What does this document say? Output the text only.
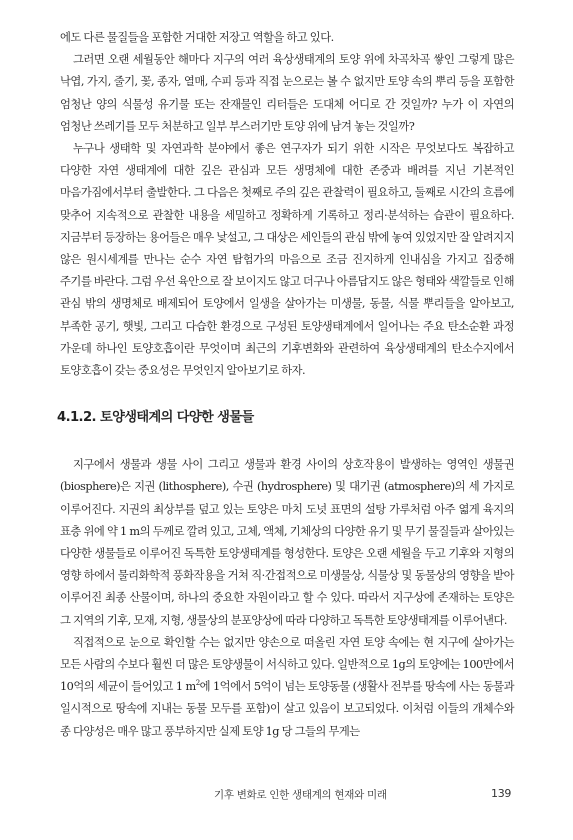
에도 다른 물질들을 포함한 거대한 저장고 역할을 하고 있다.

그러면 오랜 세월동안 해마다 지구의 여러 육상생태계의 토양 위에 차곡차곡 쌓인 그렇게 많은 낙엽, 가지, 줄기, 꽃, 종자, 열매, 수피 등과 직접 눈으로는 볼 수 없지만 토양 속의 뿌리 등을 포함한 엄청난 양의 식물성 유기물 또는 잔재물인 리터들은 도대체 어디로 간 것일까? 누가 이 자연의 엄청난 쓰레기를 모두 처분하고 일부 부스러기만 토양 위에 남겨 놓는 것일까?

누구나 생태학 및 자연과학 분야에서 좋은 연구자가 되기 위한 시작은 무엇보다도 복잡하고 다양한 자연 생태계에 대한 깊은 관심과 모든 생명체에 대한 존중과 배려를 지닌 기본적인 마음가짐에서부터 출발한다. 그 다음은 첫째로 주의 깊은 관찰력이 필요하고, 둘째로 시간의 흐름에 맞추어 지속적으로 관찰한 내용을 세밀하고 정확하게 기록하고 정리·분석하는 습관이 필요하다. 지금부터 등장하는 용어들은 매우 낯설고, 그 대상은 세인들의 관심 밖에 놓여 있었지만 잘 알려지지 않은 원시세계를 만나는 순수 자연 탐험가의 마음으로 조금 진지하게 인내심을 가지고 집중해 주기를 바란다. 그럼 우선 육안으로 잘 보이지도 않고 더구나 아름답지도 않은 형태와 색깔들로 인해 관심 밖의 생명체로 배제되어 토양에서 일생을 살아가는 미생물, 동물, 식물 뿌리들을 알아보고, 부족한 공기, 햇빛, 그리고 다습한 환경으로 구성된 토양생태계에서 일어나는 주요 탄소순환 과정 가운데 하나인 토양호흡이란 무엇이며 최근의 기후변화와 관련하여 육상생태계의 탄소수지에서 토양호흡이 갖는 중요성은 무엇인지 알아보기로 하자.

4.1.2. 토양생태계의 다양한 생물들

지구에서 생물과 생물 사이 그리고 생물과 환경 사이의 상호작용이 발생하는 영역인 생물권 (biosphere)은 지권 (lithosphere), 수권 (hydrosphere) 및 대기권 (atmosphere)의 세 가지로 이루어진다. 지권의 최상부를 덮고 있는 토양은 마치 도넛 표면의 설탕 가루처럼 아주 엷게 육지의 표층 위에 약 1 m의 두께로 깔려 있고, 고체, 액체, 기체상의 다양한 유기 및 무기 물질들과 살아있는 다양한 생물들로 이루어진 독특한 토양생태계를 형성한다. 토양은 오랜 세월을 두고 기후와 지형의 영향 하에서 물리화학적 풍화작용을 거쳐 직·간접적으로 미생물상, 식물상 및 동물상의 영향을 받아 이루어진 최종 산물이며, 하나의 중요한 자원이라고 할 수 있다. 따라서 지구상에 존재하는 토양은 그 지역의 기후, 모재, 지형, 생물상의 분포양상에 따라 다양하고 독특한 토양생태계를 이루어낸다.

직접적으로 눈으로 확인할 수는 없지만 양손으로 떠올린 자연 토양 속에는 현 지구에 살아가는 모든 사람의 수보다 훨씬 더 많은 토양생물이 서식하고 있다. 일반적으로 1g의 토양에는 100만에서 10억의 세균이 들어있고 1 $m^2$에 1억에서 5억이 넘는 토양동물 (생활사 전부를 땅속에 사는 동물과 일시적으로 땅속에 지내는 동물 모두를 포함)이 살고 있음이 보고되었다. 이처럼 이들의 개체수와 종 다양성은 매우 많고 풍부하지만 실제 토양 1g 당 그들의 무게는

기후 변화로 인한 생태계의 현재와 미래	139
